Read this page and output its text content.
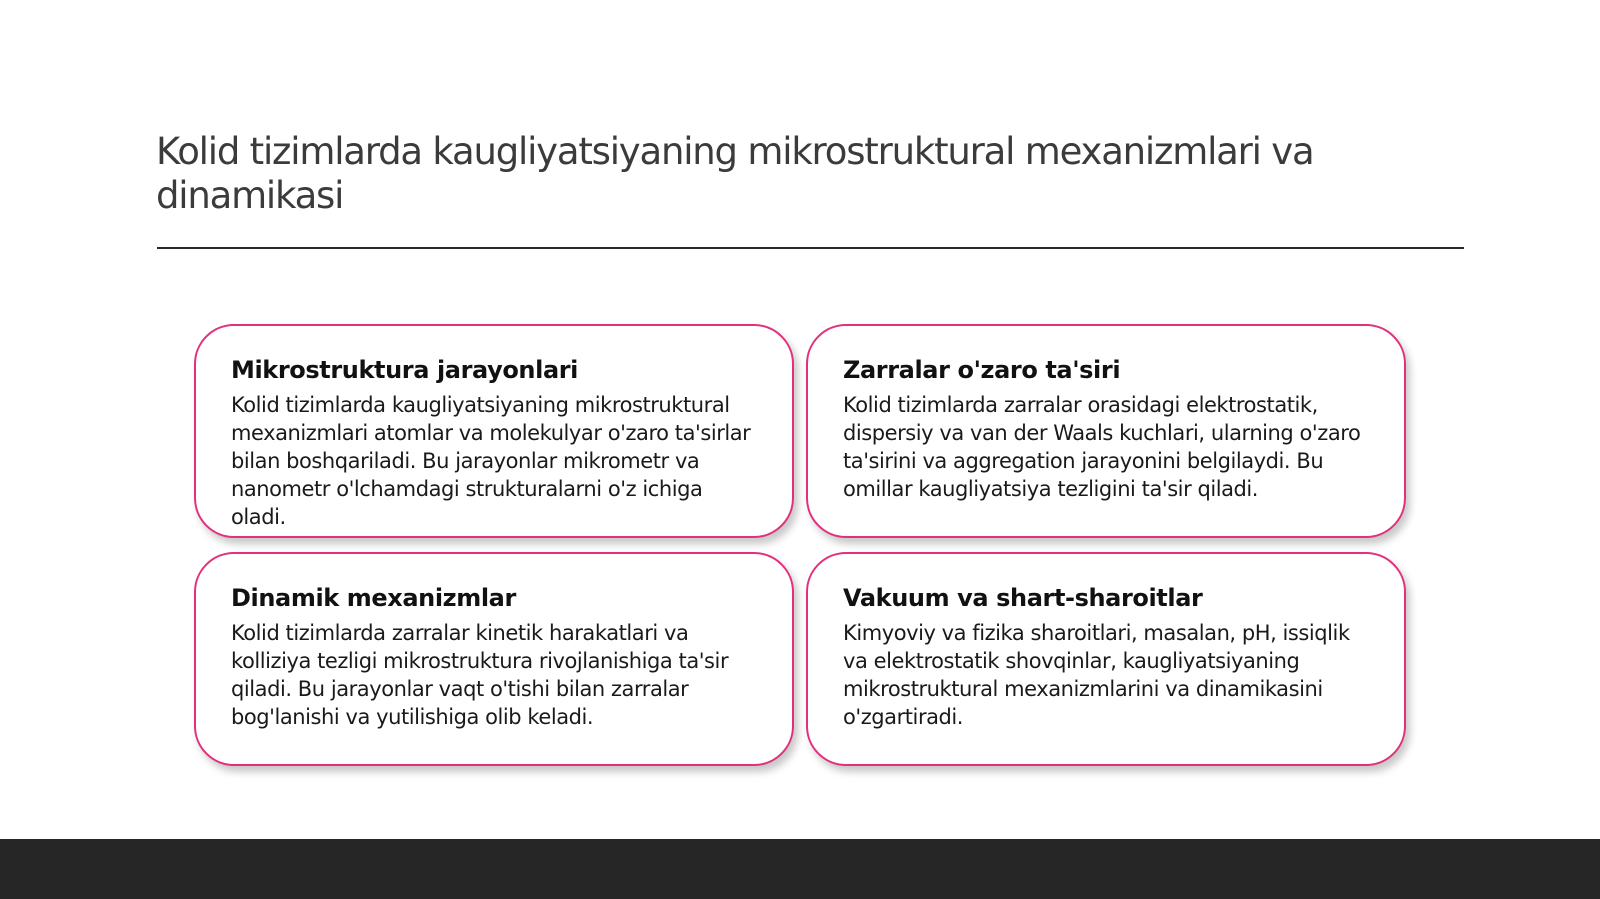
Kolid tizimlarda kaugliyatsiyaning mikrostruktural mexanizmlari va dinamikasi
Mikrostruktura jarayonlari

Kolid tizimlarda kaugliyatsiyaning mikrostruktural mexanizmlari atomlar va molekulyar o'zaro ta'sirlar bilan boshqariladi. Bu jarayonlar mikrometr va nanometr o'lchamdagi strukturalarni o'z ichiga oladi.

Zarralar o'zaro ta'siri

Kolid tizimlarda zarralar orasidagi elektrostatik, dispersiy va van der Waals kuchlari, ularning o'zaro ta'sirini va aggregation jarayonini belgilaydi. Bu omillar kaugliyatsiya tezligini ta'sir qiladi.

Dinamik mexanizmlar

Kolid tizimlarda zarralar kinetik harakatlari va kolliziya tezligi mikrostruktura rivojlanishiga ta'sir qiladi. Bu jarayonlar vaqt o'tishi bilan zarralar bog'lanishi va yutilishiga olib keladi.

Vakuum va shart-sharoitlar

Kimyoviy va fizika sharoitlari, masalan, pH, issiqlik va elektrostatik shovqinlar, kaugliyatsiyaning mikrostruktural mexanizmlarini va dinamikasini o'zgartiradi.
